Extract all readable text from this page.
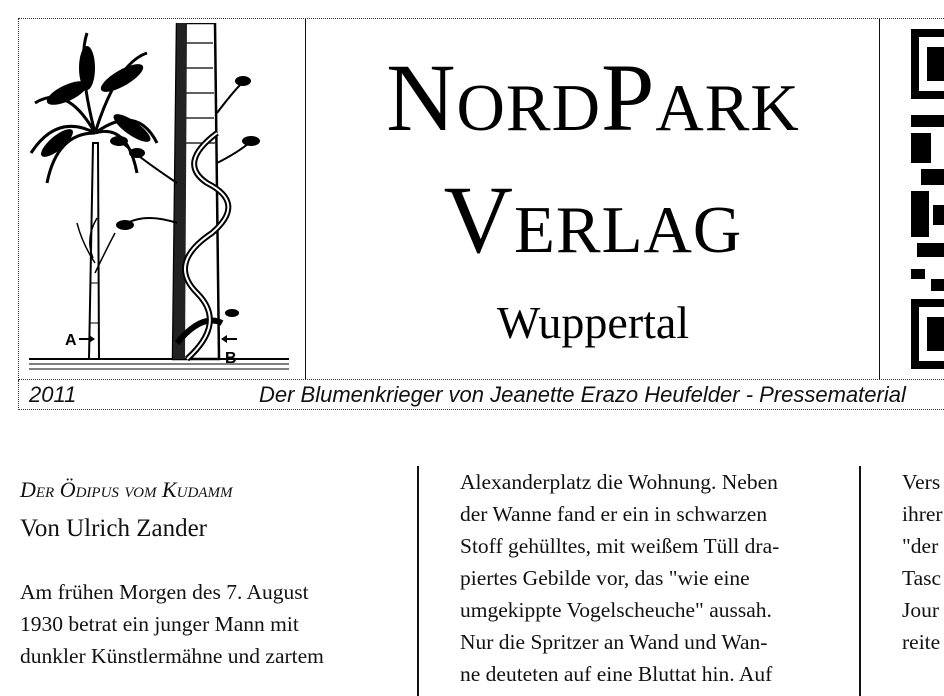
A
B
NordPark
Verlag
Wuppertal
2011	Der Blumenkrieger von Jeanette Erazo Heufelder - Pressematerial
Der Ödipus vom Kudamm
Von Ulrich Zander
Am frühen Morgen des 7. August
1930 betrat ein junger Mann mit
dunkler Künstlermähne und zartem
Alexanderplatz die Wohnung. Neben
der Wanne fand er ein in schwarzen
Stoff gehülltes, mit weißem Tüll dra-
piertes Gebilde vor, das "wie eine
umgekippte Vogelscheuche" aussah.
Nur die Spritzer an Wand und Wan-
ne deuteten auf eine Bluttat hin. Auf
Vers
ihrer
"der
Tasc
Jour
reite
